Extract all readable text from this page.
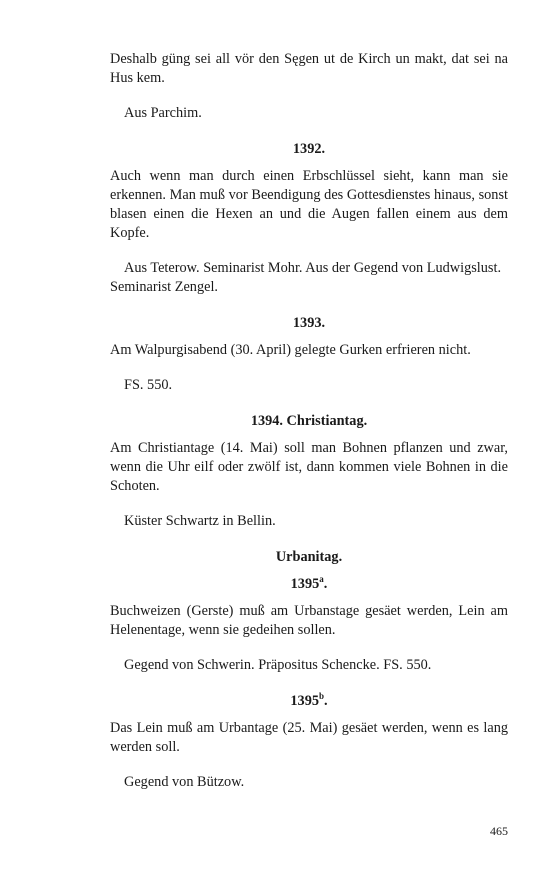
Deshalb güng sei all vör den Sęgen ut de Kirch un makt, dat sei na Hus kem.

Aus Parchim.

1392.

Auch wenn man durch einen Erbschlüssel sieht, kann man sie erkennen. Man muß vor Beendigung des Gottesdienstes hinaus, sonst blasen einen die Hexen an und die Augen fallen einem aus dem Kopfe.

Aus Teterow. Seminarist Mohr. Aus der Gegend von Ludwigslust. Seminarist Zengel.

1393.

Am Walpurgisabend (30. April) gelegte Gurken erfrieren nicht.

FS. 550.

1394. Christiantag.

Am Christiantage (14. Mai) soll man Bohnen pflanzen und zwar, wenn die Uhr eilf oder zwölf ist, dann kommen viele Bohnen in die Schoten.

Küster Schwartz in Bellin.

Urbanitag.

1395$^a$.

Buchweizen (Gerste) muß am Urbanstage gesäet werden, Lein am Helenentage, wenn sie gedeihen sollen.

Gegend von Schwerin. Präpositus Schencke. FS. 550.

1395$^b$.

Das Lein muß am Urbantage (25. Mai) gesäet werden, wenn es lang werden soll.

Gegend von Bützow.

465
